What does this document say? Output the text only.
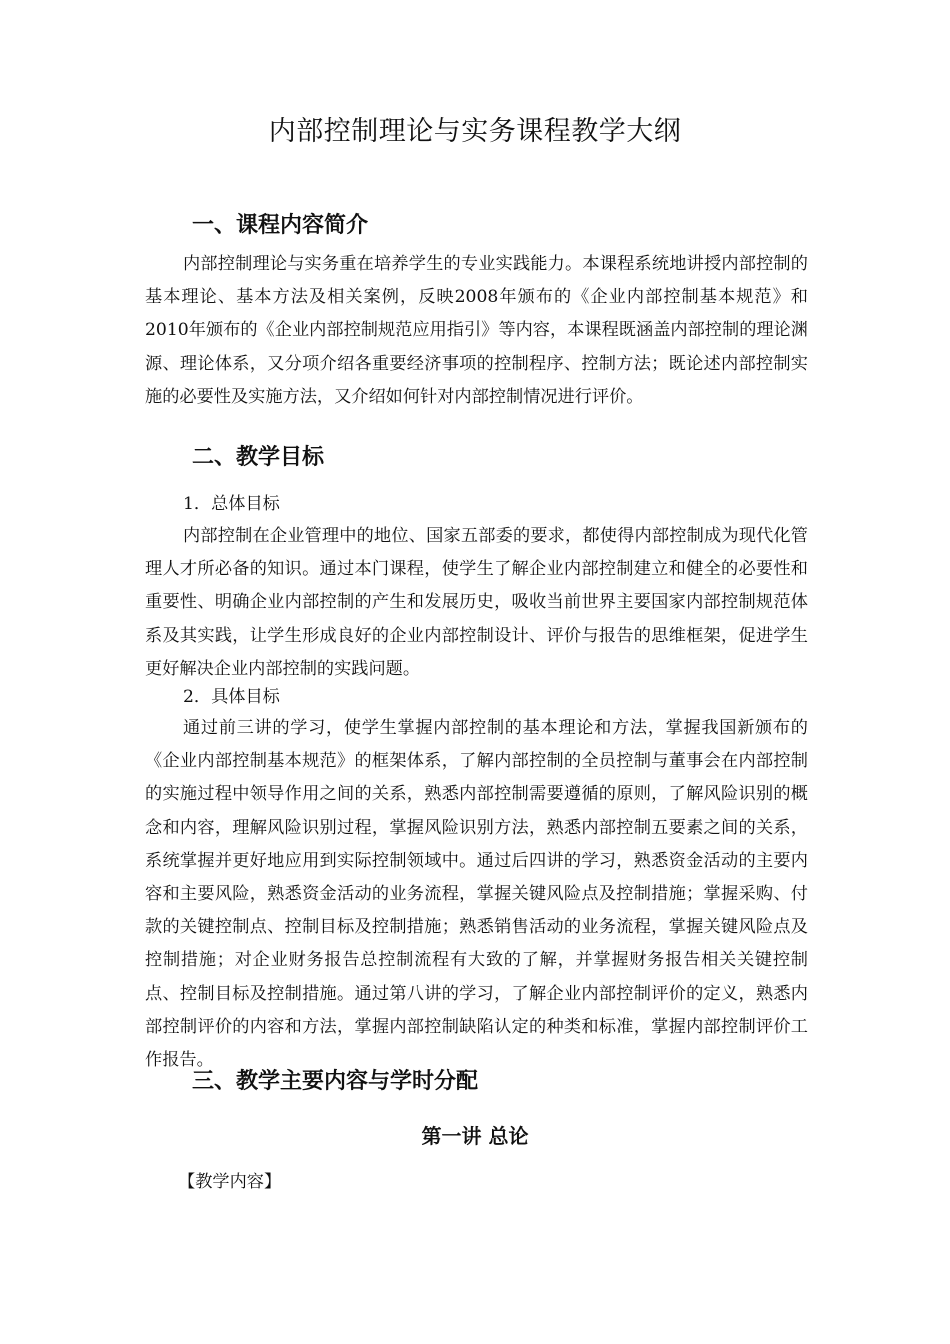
内部控制理论与实务课程教学大纲
一、课程内容简介

内部控制理论与实务重在培养学生的专业实践能力。本课程系统地讲授内部控制的基本理论、基本方法及相关案例，反映2008年颁布的《企业内部控制基本规范》和2010年颁布的《企业内部控制规范应用指引》等内容，本课程既涵盖内部控制的理论渊源、理论体系，又分项介绍各重要经济事项的控制程序、控制方法；既论述内部控制实施的必要性及实施方法，又介绍如何针对内部控制情况进行评价。

二、教学目标
1．总体目标

内部控制在企业管理中的地位、国家五部委的要求，都使得内部控制成为现代化管理人才所必备的知识。通过本门课程，使学生了解企业内部控制建立和健全的必要性和重要性、明确企业内部控制的产生和发展历史，吸收当前世界主要国家内部控制规范体系及其实践，让学生形成良好的企业内部控制设计、评价与报告的思维框架，促进学生更好解决企业内部控制的实践问题。

2．具体目标

通过前三讲的学习，使学生掌握内部控制的基本理论和方法，掌握我国新颁布的《企业内部控制基本规范》的框架体系，了解内部控制的全员控制与董事会在内部控制的实施过程中领导作用之间的关系，熟悉内部控制需要遵循的原则，了解风险识别的概念和内容，理解风险识别过程，掌握风险识别方法，熟悉内部控制五要素之间的关系，系统掌握并更好地应用到实际控制领域中。通过后四讲的学习，熟悉资金活动的主要内容和主要风险，熟悉资金活动的业务流程，掌握关键风险点及控制措施；掌握采购、付款的关键控制点、控制目标及控制措施；熟悉销售活动的业务流程，掌握关键风险点及控制措施；对企业财务报告总控制流程有大致的了解，并掌握财务报告相关关键控制点、控制目标及控制措施。通过第八讲的学习，了解企业内部控制评价的定义，熟悉内部控制评价的内容和方法，掌握内部控制缺陷认定的种类和标准，掌握内部控制评价工作报告。

三、教学主要内容与学时分配
第一讲 总论
【教学内容】
